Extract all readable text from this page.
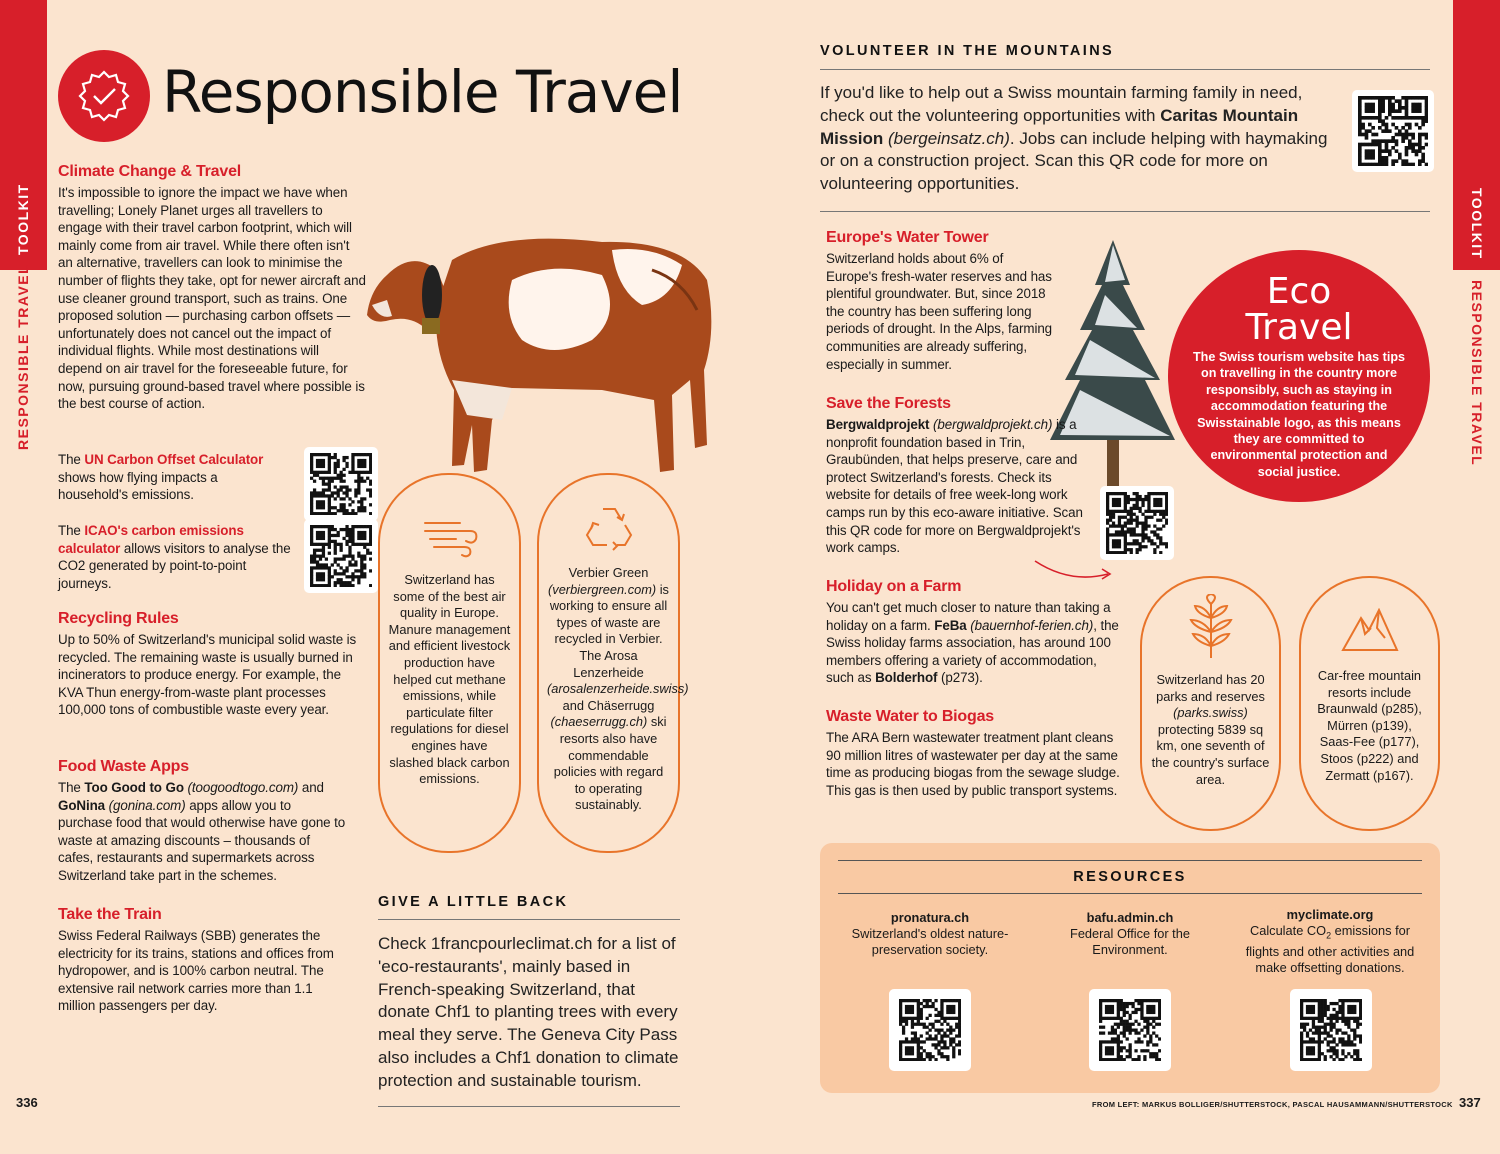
TOOLKIT
RESPONSIBLE TRAVEL
TOOLKIT
RESPONSIBLE TRAVEL
Responsible Travel
Climate Change & Travel

It's impossible to ignore the impact we have when travelling; Lonely Planet urges all travellers to engage with their travel carbon footprint, which will mainly come from air travel. While there often isn't an alternative, travellers can look to minimise the number of flights they take, opt for newer aircraft and use cleaner ground transport, such as trains. One proposed solution — purchasing carbon offsets — unfortunately does not cancel out the impact of individual flights. While most destinations will depend on air travel for the foreseeable future, for now, pursuing ground-based travel where possible is the best course of action.

The UN Carbon Offset Calculator shows how flying impacts a household's emissions.
The ICAO's carbon emissions calculator allows visitors to analyse the CO2 generated by point-to-point journeys.
Recycling Rules

Up to 50% of Switzerland's municipal solid waste is recycled. The remaining waste is usually burned in incinerators to produce energy. For example, the KVA Thun energy-from-waste plant processes 100,000 tons of combustible waste every year.

Food Waste Apps

The Too Good to Go (toogoodtogo.com) and GoNina (gonina.com) apps allow you to purchase food that would otherwise have gone to waste at amazing discounts – thousands of cafes, restaurants and supermarkets across Switzerland take part in the schemes.

Take the Train

Swiss Federal Railways (SBB) generates the electricity for its trains, stations and offices from hydropower, and is 100% carbon neutral. The extensive rail network carries more than 1.1 million passengers per day.

Switzerland has some of the best air quality in Europe. Manure management and efficient livestock production have helped cut methane emissions, while particulate filter regulations for diesel engines have slashed black carbon emissions.

Verbier Green (verbiergreen.com) is working to ensure all types of waste are recycled in Verbier. The Arosa Lenzerheide (arosalenzerheide.swiss) and Chäserrugg (chaeserrugg.ch) ski resorts also have commendable policies with regard to operating sustainably.

GIVE A LITTLE BACK
Check 1francpourleclimat.ch for a list of 'eco-restaurants', mainly based in French-speaking Switzerland, that donate Chf1 to planting trees with every meal they serve. The Geneva City Pass also includes a Chf1 donation to climate protection and sustainable tourism.
336
VOLUNTEER IN THE MOUNTAINS
If you'd like to help out a Swiss mountain farming family in need, check out the volunteering opportunities with Caritas Mountain Mission (bergeinsatz.ch). Jobs can include helping with haymaking or on a construction project. Scan this QR code for more on volunteering opportunities.
Europe's Water Tower

Switzerland holds about 6% of Europe's fresh-water reserves and has plentiful groundwater. But, since 2018 the country has been suffering long periods of drought. In the Alps, farming communities are already suffering, especially in summer.

Eco
Travel

The Swiss tourism website has tips on travelling in the country more responsibly, such as staying in accommodation featuring the Swisstainable logo, as this means they are committed to environmental protection and social justice.

Save the Forests

Bergwaldprojekt (bergwaldprojekt.ch) is a nonprofit foundation based in Trin, Graubünden, that helps preserve, care and protect Switzerland's forests. Check its website for details of free week-long work camps run by this eco-aware initiative. Scan this QR code for more on Bergwaldprojekt's work camps.

Holiday on a Farm

You can't get much closer to nature than taking a holiday on a farm. FeBa (bauernhof-ferien.ch), the Swiss holiday farms association, has around 100 members offering a variety of accommodation, such as Bolderhof (p273).

Waste Water to Biogas

The ARA Bern wastewater treatment plant cleans 90 million litres of wastewater per day at the same time as producing biogas from the sewage sludge. This gas is then used by public transport systems.

Switzerland has 20 parks and reserves (parks.swiss) protecting 5839 sq km, one seventh of the country's surface area.

Car-free mountain resorts include Braunwald (p285), Mürren (p139), Saas-Fee (p177), Stoos (p222) and Zermatt (p167).

RESOURCES
pronatura.ch
Switzerland's oldest nature-preservation society.
bafu.admin.ch
Federal Office for the Environment.
myclimate.org
Calculate $CO_2$ emissions for flights and other activities and make offsetting donations.
FROM LEFT: MARKUS BOLLIGER/SHUTTERSTOCK, PASCAL HAUSAMMANN/SHUTTERSTOCK 337
